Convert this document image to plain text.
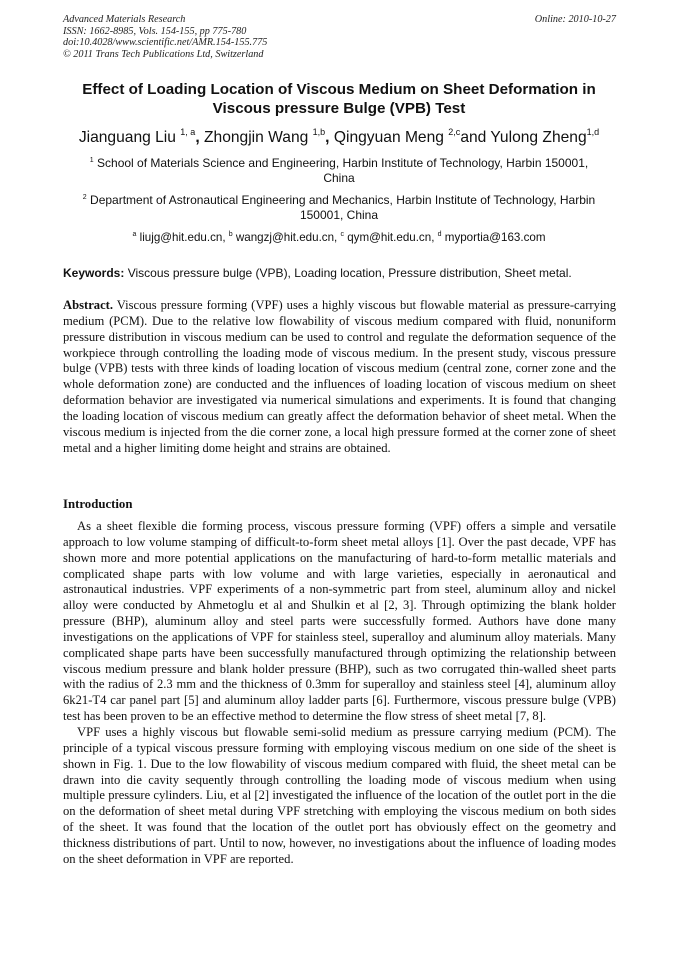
Advanced Materials Research
ISSN: 1662-8985, Vols. 154-155, pp 775-780
doi:10.4028/www.scientific.net/AMR.154-155.775
© 2011 Trans Tech Publications Ltd, Switzerland
Online: 2010-10-27
Effect of Loading Location of Viscous Medium on Sheet Deformation in
Viscous pressure Bulge (VPB) Test
Jianguang Liu $^{1, a}$, Zhongjin Wang $^{1,b}$, Qingyuan Meng $^{2,c}$and Yulong Zheng$^{1,d}$
$^1$ School of Materials Science and Engineering, Harbin Institute of Technology, Harbin 150001,
China
$^2$ Department of Astronautical Engineering and Mechanics, Harbin Institute of Technology, Harbin
150001, China
$^a$ liujg@hit.edu.cn, $^b$ wangzj@hit.edu.cn, $^c$ qym@hit.edu.cn, $^d$ myportia@163.com
Keywords: Viscous pressure bulge (VPB), Loading location, Pressure distribution, Sheet metal.

Abstract. Viscous pressure forming (VPF) uses a highly viscous but flowable material as pressure-carrying medium (PCM). Due to the relative low flowability of viscous medium compared with fluid, nonuniform pressure distribution in viscous medium can be used to control and regulate the deformation sequence of the workpiece through controlling the loading mode of viscous medium. In the present study, viscous pressure bulge (VPB) tests with three kinds of loading location of viscous medium (central zone, corner zone and the whole deformation zone) are conducted and the influences of loading location of viscous medium on sheet deformation behavior are investigated via numerical simulations and experiments. It is found that changing the loading location of viscous medium can greatly affect the deformation behavior of sheet metal. When the viscous medium is injected from the die corner zone, a local high pressure formed at the corner zone of sheet metal and a higher limiting dome height and strains are obtained.

Introduction

As a sheet flexible die forming process, viscous pressure forming (VPF) offers a simple and versatile approach to low volume stamping of difficult-to-form sheet metal alloys [1]. Over the past decade, VPF has shown more and more potential applications on the manufacturing of hard-to-form metallic materials and complicated shape parts with low volume and with large varieties, especially in aeronautical and astronautical industries. VPF experiments of a non-symmetric part from steel, aluminum alloy and nickel alloy were conducted by Ahmetoglu et al and Shulkin et al [2, 3]. Through optimizing the blank holder pressure (BHP), aluminum alloy and steel parts were successfully formed. Authors have done many investigations on the applications of VPF for stainless steel, superalloy and aluminum alloy materials. Many complicated shape parts have been successfully manufactured through optimizing the relationship between viscous medium pressure and blank holder pressure (BHP), such as two corrugated thin-walled sheet parts with the radius of 2.3 mm and the thickness of 0.3mm for superalloy and stainless steel [4], aluminum alloy 6k21-T4 car panel part [5] and aluminum alloy ladder parts [6]. Furthermore, viscous pressure bulge (VPB) test has been proven to be an effective method to determine the flow stress of sheet metal [7, 8].

VPF uses a highly viscous but flowable semi-solid medium as pressure carrying medium (PCM). The principle of a typical viscous pressure forming with employing viscous medium on one side of the sheet is shown in Fig. 1. Due to the low flowability of viscous medium compared with fluid, the sheet metal can be drawn into die cavity sequently through controlling the loading mode of viscous medium when using multiple pressure cylinders. Liu, et al [2] investigated the influence of the location of the outlet port in the die on the deformation of sheet metal during VPF stretching with employing the viscous medium on both sides of the sheet. It was found that the location of the outlet port has obviously effect on the geometry and thickness distributions of part. Until to now, however, no investigations about the influence of loading modes on the sheet deformation in VPF are reported.
